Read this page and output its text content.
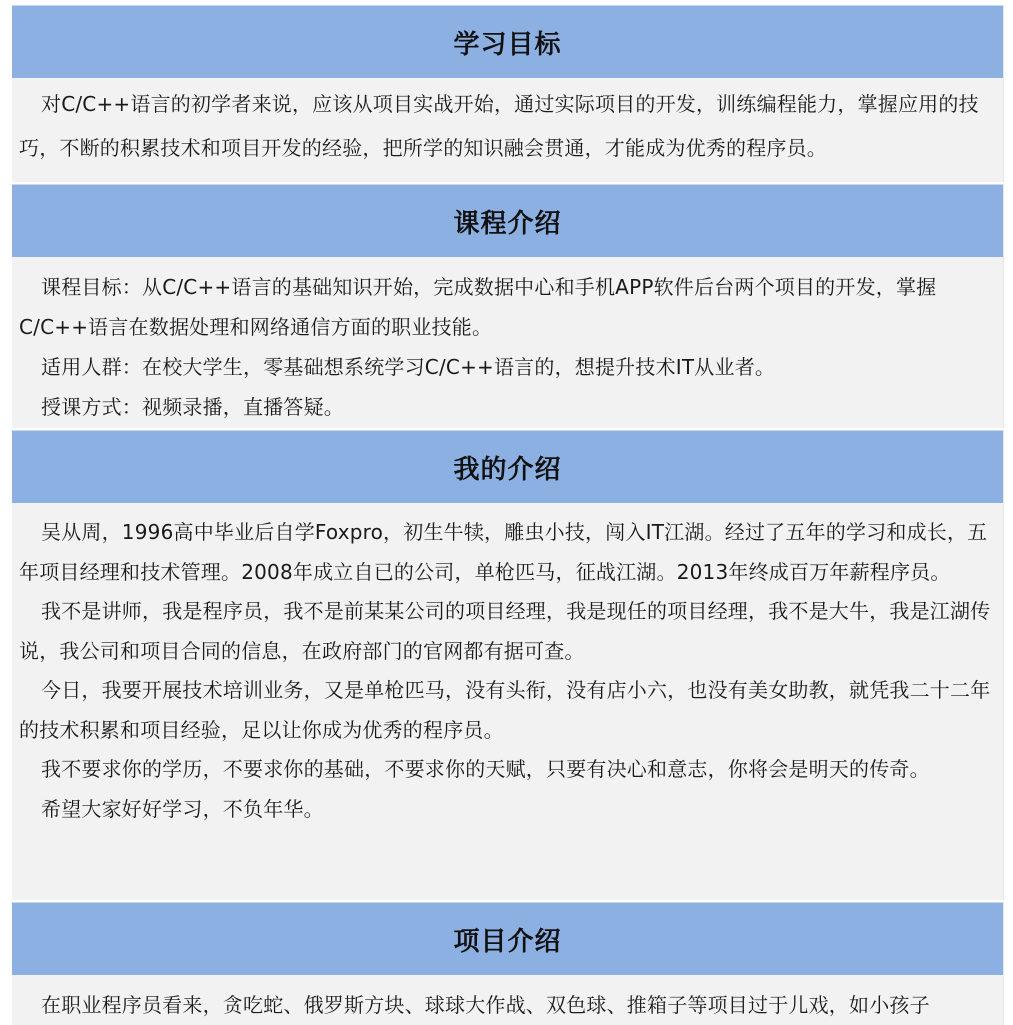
学习目标

对C/C++语言的初学者来说，应该从项目实战开始，通过实际项目的开发，训练编程能力，掌握应用的技巧，不断的积累技术和项目开发的经验，把所学的知识融会贯通，才能成为优秀的程序员。

课程介绍

课程目标：从C/C++语言的基础知识开始，完成数据中心和手机APP软件后台两个项目的开发，掌握C/C++语言在数据处理和网络通信方面的职业技能。

适用人群：在校大学生，零基础想系统学习C/C++语言的，想提升技术IT从业者。

授课方式：视频录播，直播答疑。

我的介绍

吴从周，1996高中毕业后自学Foxpro，初生牛犊，雕虫小技，闯入IT江湖。经过了五年的学习和成长，五年项目经理和技术管理。2008年成立自已的公司，单枪匹马，征战江湖。2013年终成百万年薪程序员。

我不是讲师，我是程序员，我不是前某某公司的项目经理，我是现任的项目经理，我不是大牛，我是江湖传说，我公司和项目合同的信息，在政府部门的官网都有据可查。

今日，我要开展技术培训业务，又是单枪匹马，没有头衔，没有店小六，也没有美女助教，就凭我二十二年的技术积累和项目经验，足以让你成为优秀的程序员。

我不要求你的学历，不要求你的基础，不要求你的天赋，只要有决心和意志，你将会是明天的传奇。

希望大家好好学习，不负年华。

项目介绍

在职业程序员看来，贪吃蛇、俄罗斯方块、球球大作战、双色球、推箱子等项目过于儿戏，如小孩子
